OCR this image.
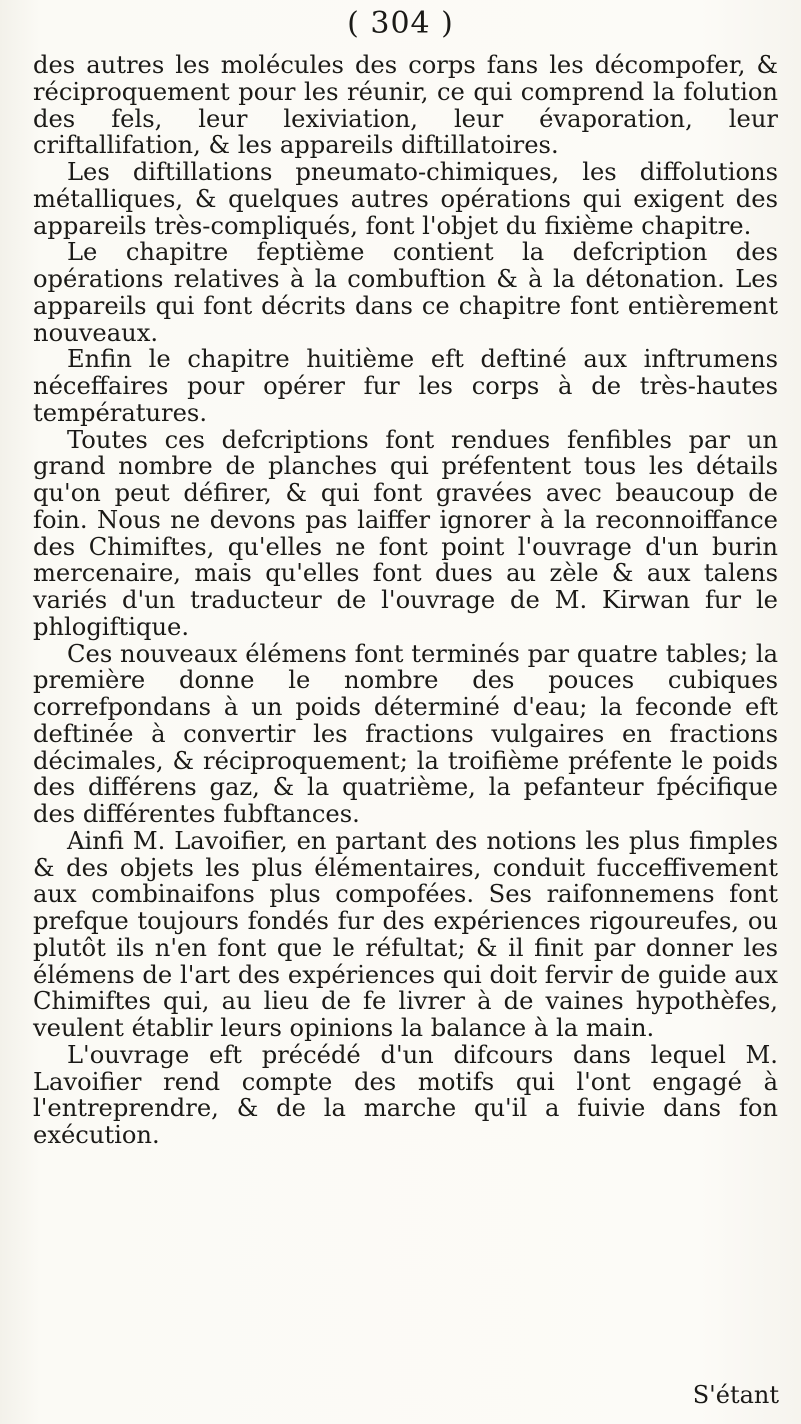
( 304 )

des autres les molécules des corps fans les décompofer, & réciproquement pour les réunir, ce qui comprend la folution des fels, leur lexiviation, leur évaporation, leur criftallifation, & les appareils diftillatoires.

Les diftillations pneumato-chimiques, les diffolutions métalliques, & quelques autres opérations qui exigent des appareils très-compliqués, font l'objet du fixième chapitre.

Le chapitre feptième contient la defcription des opérations relatives à la combuftion & à la détonation. Les appareils qui font décrits dans ce chapitre font entièrement nouveaux.

Enfin le chapitre huitième eft deftiné aux inftrumens néceffaires pour opérer fur les corps à de très-hautes températures.

Toutes ces defcriptions font rendues fenfibles par un grand nombre de planches qui préfentent tous les détails qu'on peut défirer, & qui font gravées avec beaucoup de foin. Nous ne devons pas laiffer ignorer à la reconnoiffance des Chimiftes, qu'elles ne font point l'ouvrage d'un burin mercenaire, mais qu'elles font dues au zèle & aux talens variés d'un traducteur de l'ouvrage de M. Kirwan fur le phlogiftique.

Ces nouveaux élémens font terminés par quatre tables; la première donne le nombre des pouces cubiques correfpondans à un poids déterminé d'eau; la feconde eft deftinée à convertir les fractions vulgaires en fractions décimales, & réciproquement; la troifième préfente le poids des différens gaz, & la quatrième, la pefanteur fpécifique des différentes fubftances.

Ainfi M. Lavoifier, en partant des notions les plus fimples & des objets les plus élémentaires, conduit fucceffivement aux combinaifons plus compofées. Ses raifonnemens font prefque toujours fondés fur des expériences rigoureufes, ou plutôt ils n'en font que le réfultat; & il finit par donner les élémens de l'art des expériences qui doit fervir de guide aux Chimiftes qui, au lieu de fe livrer à de vaines hypothèfes, veulent établir leurs opinions la balance à la main.

L'ouvrage eft précédé d'un difcours dans lequel M. Lavoifier rend compte des motifs qui l'ont engagé à l'entreprendre, & de la marche qu'il a fuivie dans fon exécution.

S'étant
